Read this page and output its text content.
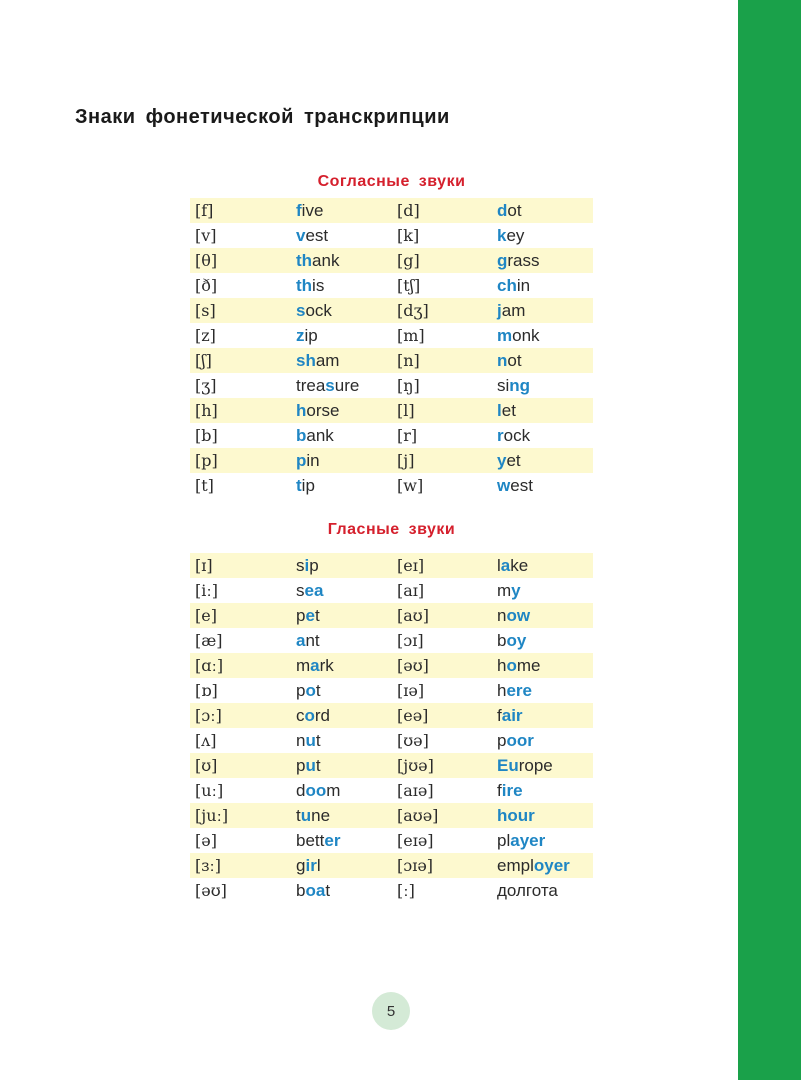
Знаки фонетической транскрипции
Согласные звуки
[f]	five	[d]	dot
[v]	vest	[k]	key
[θ]	thank	[g]	grass
[ð]	this	[tʃ]	chin
[s]	sock	[dʒ]	jam
[z]	zip	[m]	monk
[ʃ]	sham	[n]	not
[ʒ]	treasure [ŋ]	sing
[h]	horse	[l]	let
[b]	bank	[r]	rock
[p]	pin	[j]	yet
[t]	tip	[w]	west
Гласные звуки
[ɪ]	sip	[eɪ]	lake
[iː]	sea	[aɪ]	my
[e]	pet	[aʊ]	now
[æ]	ant	[ɔɪ]	boy
[ɑː]	mark	[əʊ]	home
[ɒ]	pot	[ɪə]	here
[ɔː]	cord	[eə]	fair
[ʌ]	nut	[ʊə]	poor
[ʊ]	put	[jʊə]	Europe
[uː]	doom	[aɪə]	fire
[juː]	tune	[aʊə]	hour
[ə]	better	[eɪə]	player
[ɜː]	girl	[ɔɪə]	employer
[əʊ]	boat	[ː]	долгота
5
